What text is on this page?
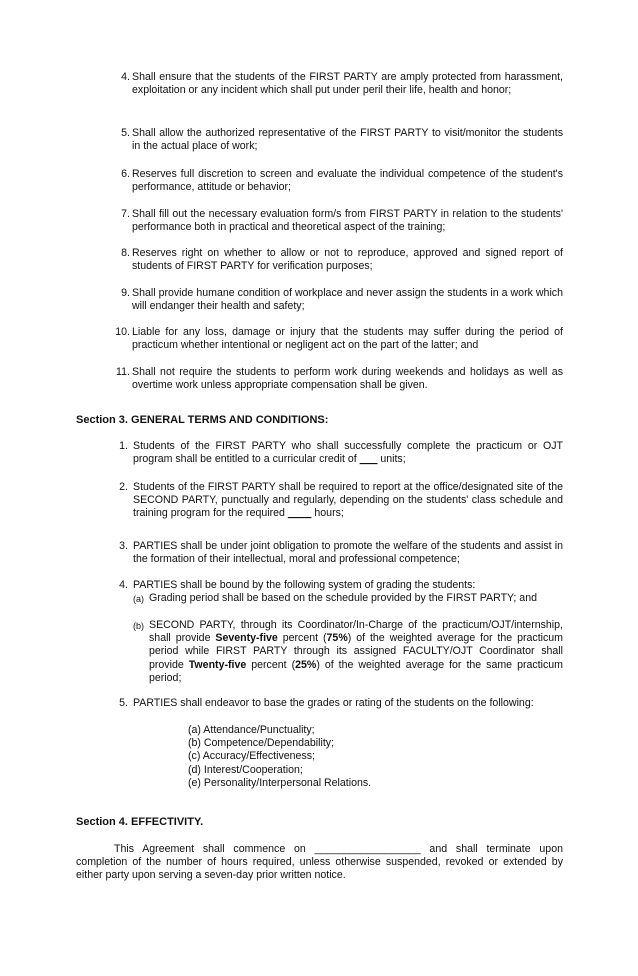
4. Shall ensure that the students of the FIRST PARTY are amply protected from harassment, exploitation or any incident which shall put under peril their life, health and honor;
5. Shall allow the authorized representative of the FIRST PARTY to visit/monitor the students in the actual place of work;
6. Reserves full discretion to screen and evaluate the individual competence of the student's performance, attitude or behavior;
7. Shall fill out the necessary evaluation form/s from FIRST PARTY in relation to the students' performance both in practical and theoretical aspect of the training;
8. Reserves right on whether to allow or not to reproduce, approved and signed report of students of FIRST PARTY for verification purposes;
9. Shall provide humane condition of workplace and never assign the students in a work which will endanger their health and safety;
10. Liable for any loss, damage or injury that the students may suffer during the period of practicum whether intentional or negligent act on the part of the latter; and
11. Shall not require the students to perform work during weekends and holidays as well as overtime work unless appropriate compensation shall be given.
Section 3. GENERAL TERMS AND CONDITIONS:
1. Students of the FIRST PARTY who shall successfully complete the practicum or OJT program shall be entitled to a curricular credit of ___ units;
2. Students of the FIRST PARTY shall be required to report at the office/designated site of the SECOND PARTY, punctually and regularly, depending on the students' class schedule and training program for the required ____ hours;
3. PARTIES shall be under joint obligation to promote the welfare of the students and assist in the formation of their intellectual, moral and professional competence;
4. PARTIES shall be bound by the following system of grading the students:
(a) Grading period shall be based on the schedule provided by the FIRST PARTY; and
(b) SECOND PARTY, through its Coordinator/In-Charge of the practicum/OJT/internship, shall provide Seventy-five percent (75%) of the weighted average for the practicum period while FIRST PARTY through its assigned FACULTY/OJT Coordinator shall provide Twenty-five percent (25%) of the weighted average for the same practicum period;
5. PARTIES shall endeavor to base the grades or rating of the students on the following:
(a) Attendance/Punctuality;
(b) Competence/Dependability;
(c) Accuracy/Effectiveness;
(d) Interest/Cooperation;
(e) Personality/Interpersonal Relations.
Section 4. EFFECTIVITY.
This Agreement shall commence on __________________ and shall terminate upon completion of the number of hours required, unless otherwise suspended, revoked or extended by either party upon serving a seven-day prior written notice.
